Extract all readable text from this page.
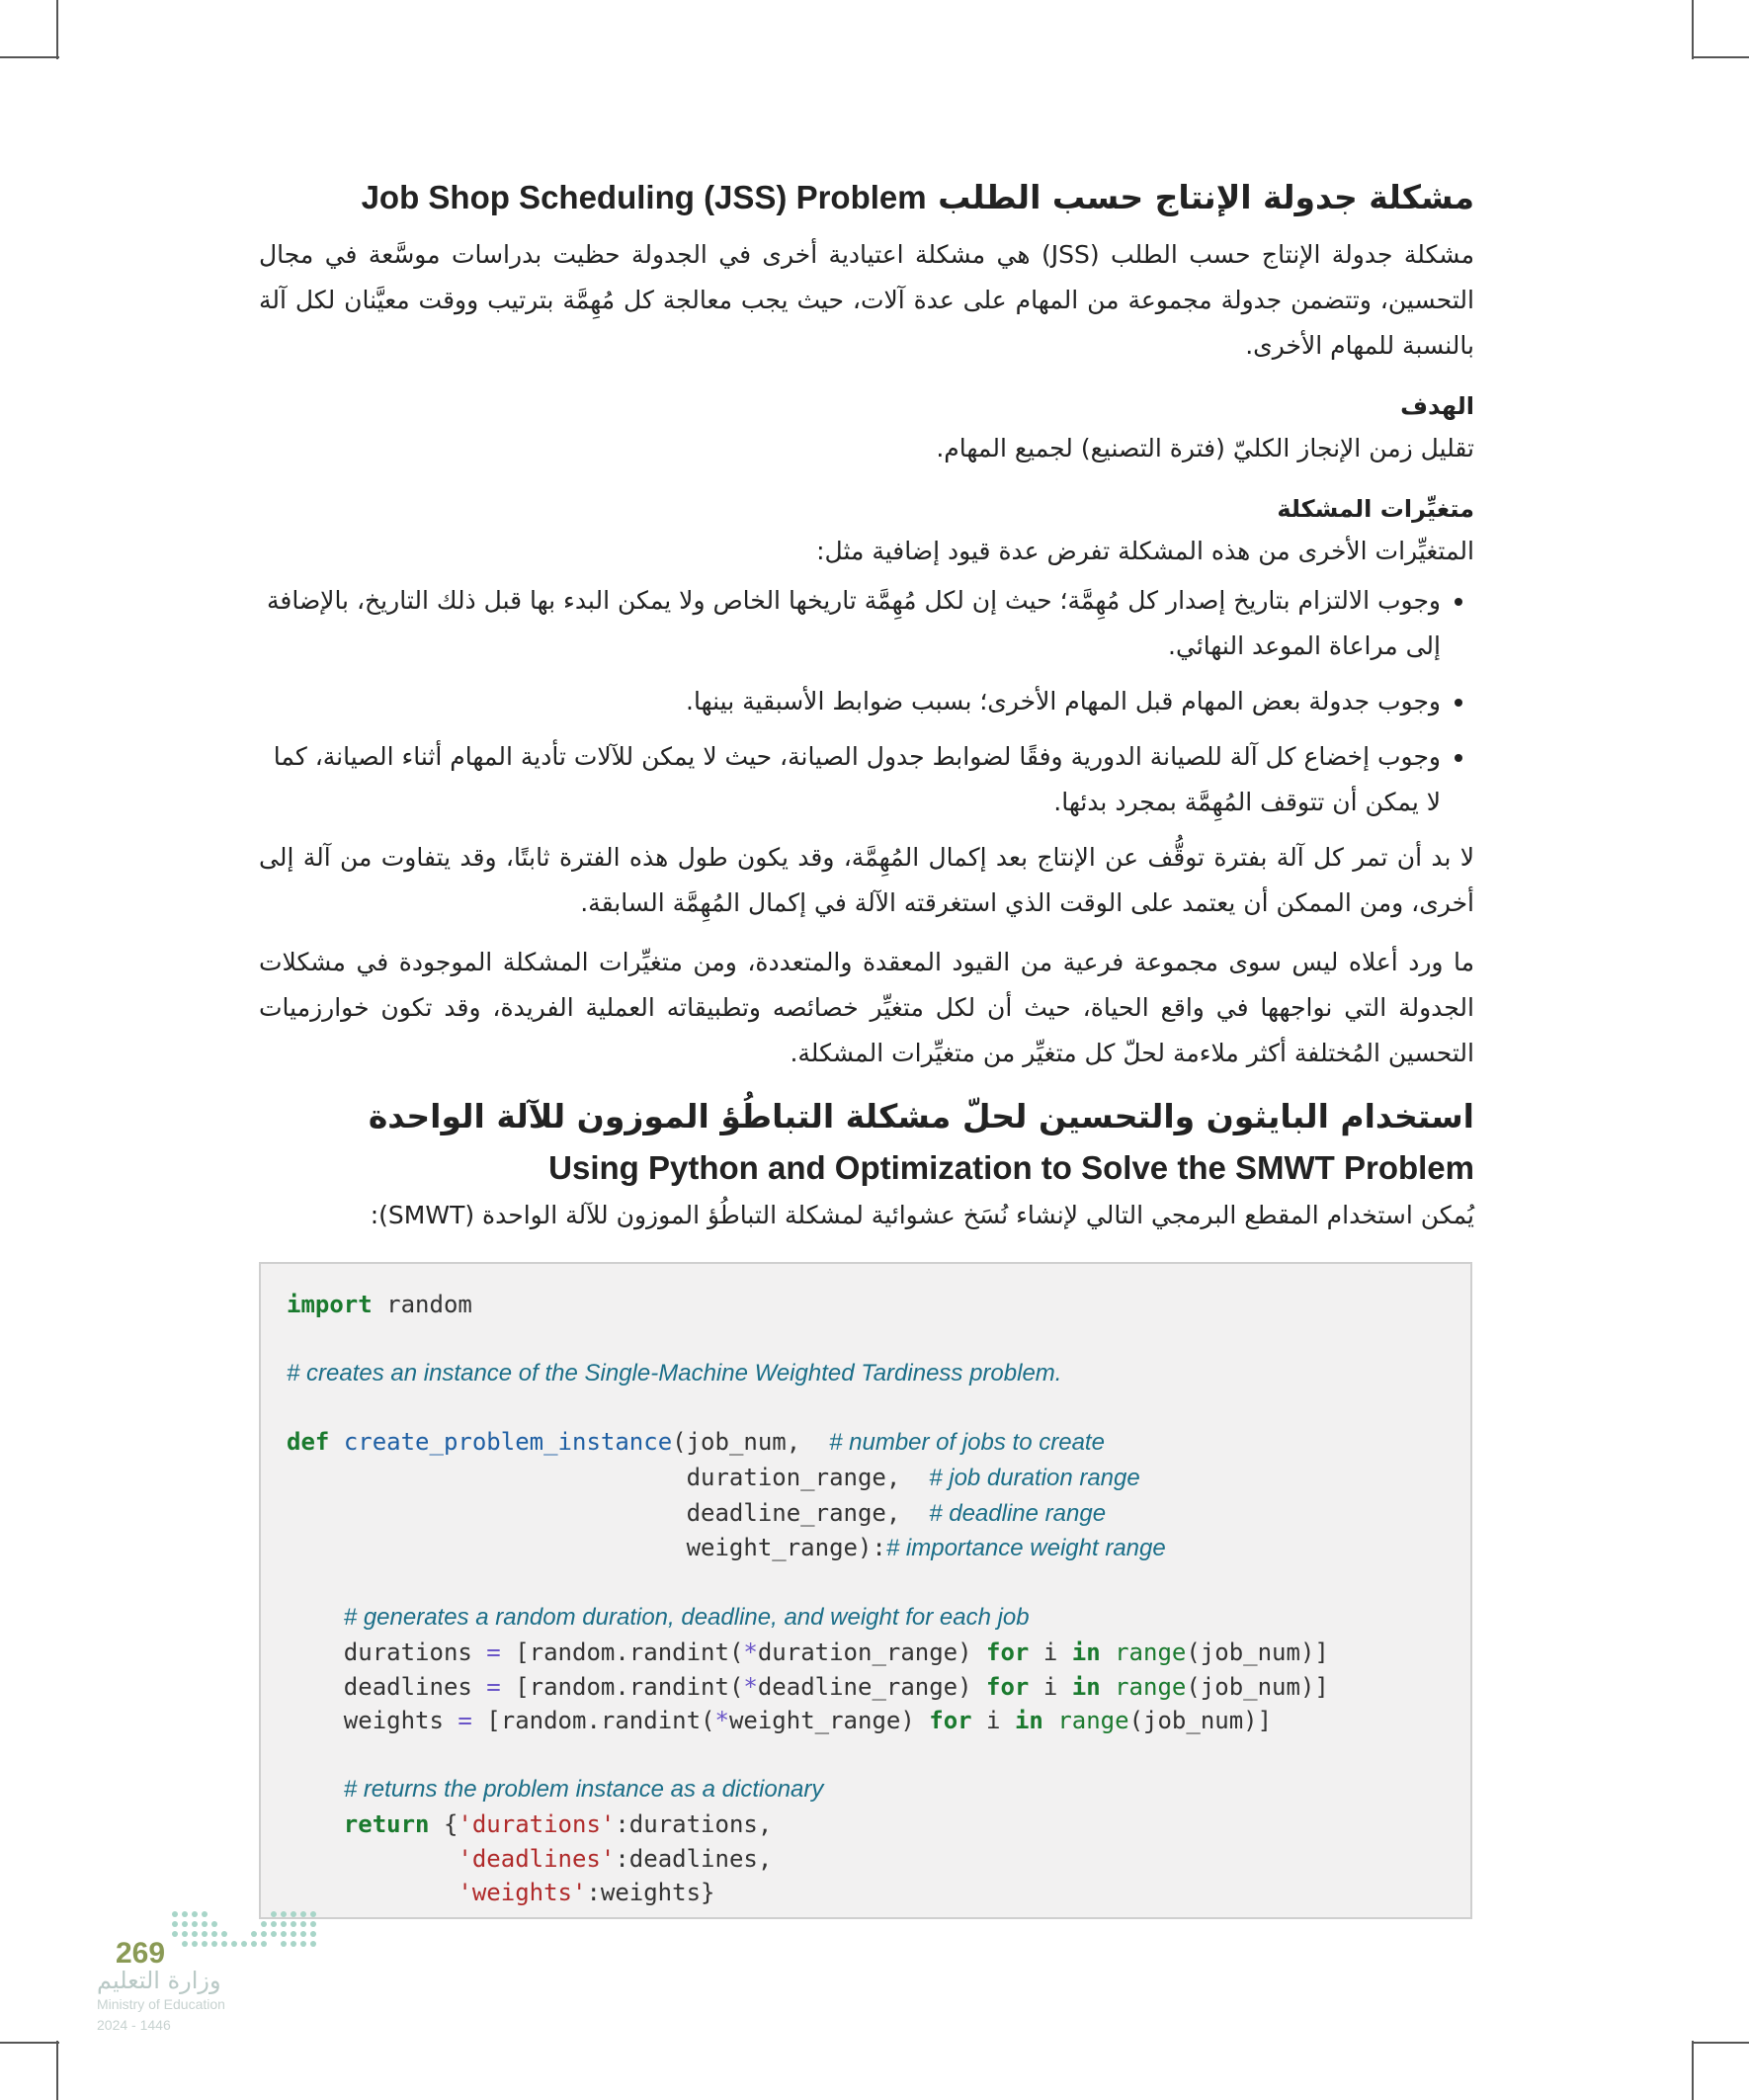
مشكلة جدولة الإنتاج حسب الطلب Job Shop Scheduling (JSS) Problem

مشكلة جدولة الإنتاج حسب الطلب (JSS) هي مشكلة اعتيادية أخرى في الجدولة حظيت بدراسات موسَّعة في مجال التحسين، وتتضمن جدولة مجموعة من المهام على عدة آلات، حيث يجب معالجة كل مُهِمَّة بترتيب ووقت معيَّنان لكل آلة بالنسبة للمهام الأخرى.

الهدف

تقليل زمن الإنجاز الكليّ (فترة التصنيع) لجميع المهام.

متغيِّرات المشكلة

المتغيِّرات الأخرى من هذه المشكلة تفرض عدة قيود إضافية مثل:

• وجوب الالتزام بتاريخ إصدار كل مُهِمَّة؛ حيث إن لكل مُهِمَّة تاريخها الخاص ولا يمكن البدء بها قبل ذلك التاريخ، بالإضافة إلى مراعاة الموعد النهائي.
• وجوب جدولة بعض المهام قبل المهام الأخرى؛ بسبب ضوابط الأسبقية بينها.
• وجوب إخضاع كل آلة للصيانة الدورية وفقًا لضوابط جدول الصيانة، حيث لا يمكن للآلات تأدية المهام أثناء الصيانة، كما لا يمكن أن تتوقف المُهِمَّة بمجرد بدئها.

لا بد أن تمر كل آلة بفترة توقُّف عن الإنتاج بعد إكمال المُهِمَّة، وقد يكون طول هذه الفترة ثابتًا، وقد يتفاوت من آلة إلى أخرى، ومن الممكن أن يعتمد على الوقت الذي استغرقته الآلة في إكمال المُهِمَّة السابقة.

ما ورد أعلاه ليس سوى مجموعة فرعية من القيود المعقدة والمتعددة، ومن متغيِّرات المشكلة الموجودة في مشكلات الجدولة التي نواجهها في واقع الحياة، حيث أن لكل متغيِّر خصائصه وتطبيقاته العملية الفريدة، وقد تكون خوارزميات التحسين المُختلفة أكثر ملاءمة لحلّ كل متغيِّر من متغيِّرات المشكلة.

استخدام البايثون والتحسين لحلّ مشكلة التباطُؤ الموزون للآلة الواحدة
Using Python and Optimization to Solve the SMWT Problem

يُمكن استخدام المقطع البرمجي التالي لإنشاء نُسَخ عشوائية لمشكلة التباطُؤ الموزون للآلة الواحدة (SMWT):

import random

# creates an instance of the Single-Machine Weighted Tardiness problem.

def create_problem_instance(job_num,  # number of jobs to create
duration_range,  # job duration range
deadline_range,  # deadline range
weight_range):# importance weight range

# generates a random duration, deadline, and weight for each job
durations = [random.randint(*duration_range) for i in range(job_num)]
deadlines = [random.randint(*deadline_range) for i in range(job_num)]
weights = [random.randint(*weight_range) for i in range(job_num)]

# returns the problem instance as a dictionary
return {'durations':durations,
'deadlines':deadlines,
'weights':weights}
269
وزارة التعليم
Ministry of Education
2024 - 1446
